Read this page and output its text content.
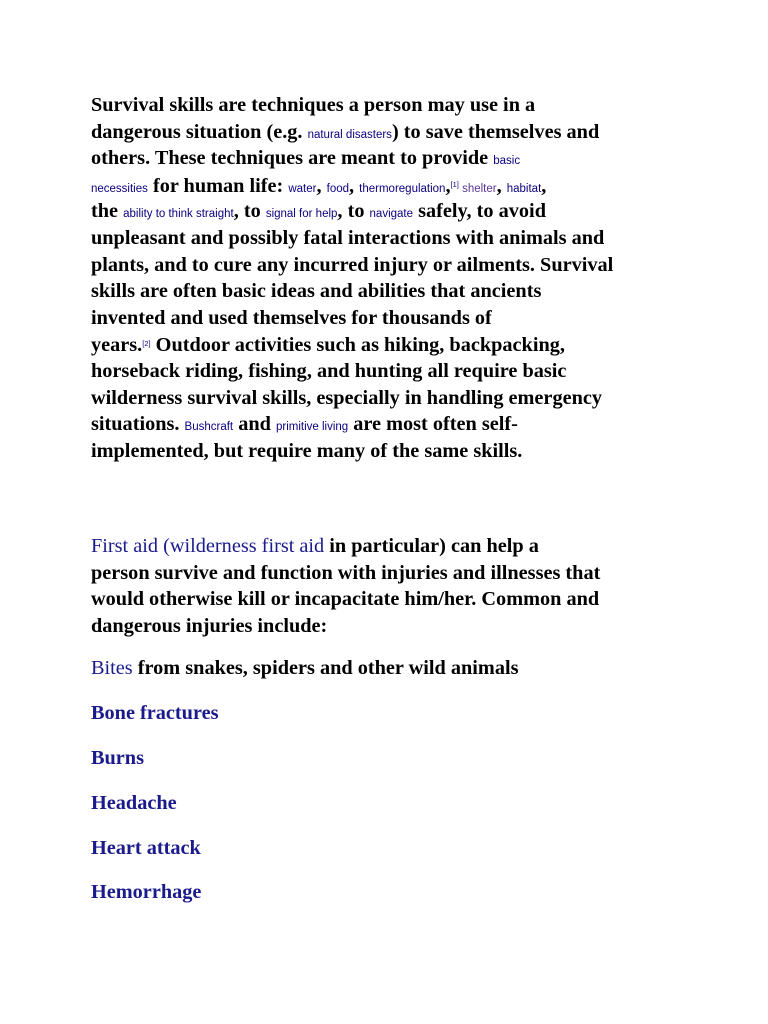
Survival skills are techniques a person may use in a
dangerous situation (e.g. natural disasters) to save themselves and
others. These techniques are meant to provide basic
necessities for human life: water, food, thermoregulation,[1] shelter, habitat,
the ability to think straight, to signal for help, to navigate safely, to avoid
unpleasant and possibly fatal interactions with animals and
plants, and to cure any incurred injury or ailments. Survival
skills are often basic ideas and abilities that ancients
invented and used themselves for thousands of
years.[2] Outdoor activities such as hiking, backpacking,
horseback riding, fishing, and hunting all require basic
wilderness survival skills, especially in handling emergency
situations. Bushcraft and primitive living are most often self-
implemented, but require many of the same skills.
First aid (wilderness first aid in particular) can help a
person survive and function with injuries and illnesses that
would otherwise kill or incapacitate him/her. Common and
dangerous injuries include:
Bites from snakes, spiders and other wild animals
Bone fractures
Burns
Headache
Heart attack
Hemorrhage
